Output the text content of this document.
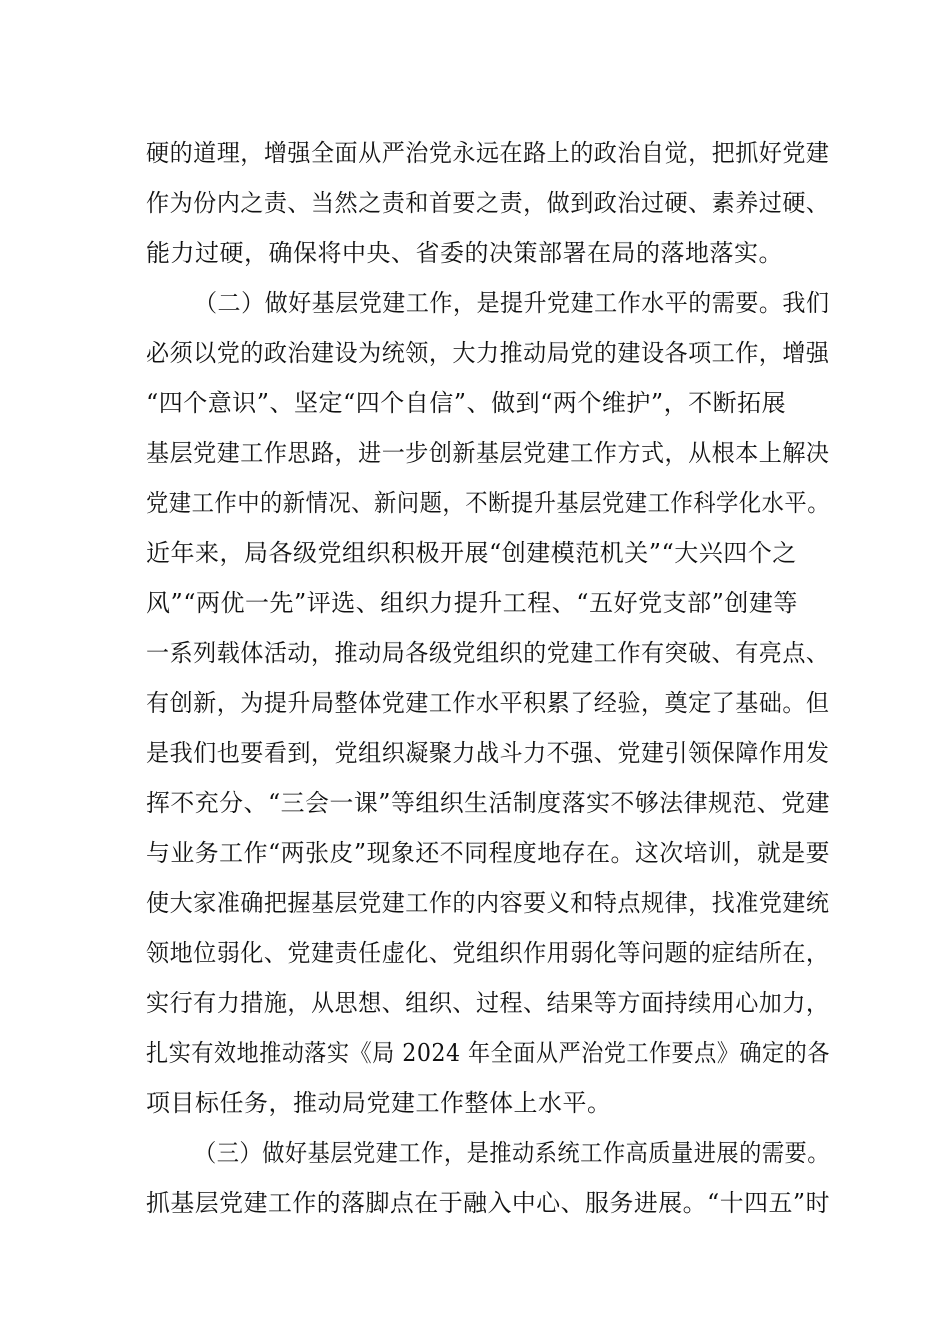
硬的道理，增强全面从严治党永远在路上的政治自觉，把抓好党建
作为份内之责、当然之责和首要之责，做到政治过硬、素养过硬、
能力过硬，确保将中央、省委的决策部署在局的落地落实。
（二）做好基层党建工作，是提升党建工作水平的需要。我们
必须以党的政治建设为统领，大力推动局党的建设各项工作，增强
“四个意识”、坚定“四个自信”、做到“两个维护”，不断拓展
基层党建工作思路，进一步创新基层党建工作方式，从根本上解决
党建工作中的新情况、新问题，不断提升基层党建工作科学化水平。
近年来，局各级党组织积极开展“创建模范机关”“大兴四个之
风”“两优一先”评选、组织力提升工程、“五好党支部”创建等
一系列载体活动，推动局各级党组织的党建工作有突破、有亮点、
有创新，为提升局整体党建工作水平积累了经验，奠定了基础。但
是我们也要看到，党组织凝聚力战斗力不强、党建引领保障作用发
挥不充分、“三会一课”等组织生活制度落实不够法律规范、党建
与业务工作“两张皮”现象还不同程度地存在。这次培训，就是要
使大家准确把握基层党建工作的内容要义和特点规律，找准党建统
领地位弱化、党建责任虚化、党组织作用弱化等问题的症结所在，
实行有力措施，从思想、组织、过程、结果等方面持续用心加力，
扎实有效地推动落实《局 2024 年全面从严治党工作要点》确定的各
项目标任务，推动局党建工作整体上水平。
（三）做好基层党建工作，是推动系统工作高质量进展的需要。
抓基层党建工作的落脚点在于融入中心、服务进展。“十四五”时
